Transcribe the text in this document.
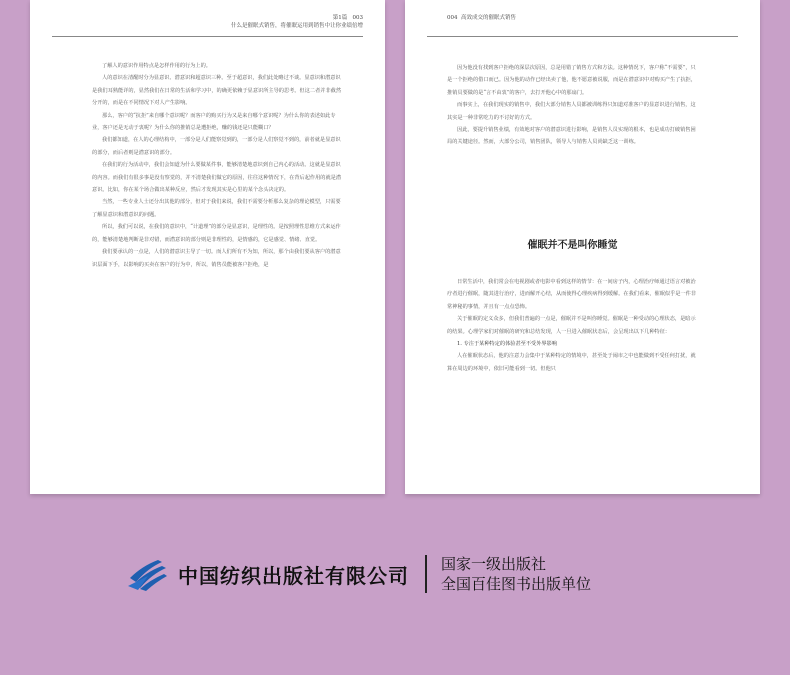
第1篇 003
什么是催眠式销售，将催眠运用到销售中让你业绩倍增

了解人的意识作用特点是怎样作用的行为上的。

人的意识在清醒时分为显意识、潜意识和超意识三种。至于超意识，我们此处略过不谈。显意识和潜意识是我们耳熟能详的，显然我们在日常的生活和学习中，的确更依赖于显意识所主导的思考。但这二者并非截然分开的，而是在不同情况下对人产生影响。

那么，客户的“抗拒”来自哪个意识呢？而客户的购买行为又是来自哪个意识呢？为什么你的表述如此专业，客户还是无动于衷呢？为什么你的推销总是遭拒绝，赚的钱还是只能糊口？

我们都知道，在人的心理结构中，一部分是人们能察觉到的，一部分是人们察觉不到的，前者就是显意识的部分，而后者则是潜意识的部分。

在我们的行为活动中，我们会知道为什么要做某件事，能够清楚地意识到自己内心的活动。这就是显意识的内容。而我们有很多事是没有察觉的，并不清楚我们做它的原因，往往这种情况下，在背后起作用的就是潜意识。比如，你在某个场合做出某种反应，然后才发现其实是心里的某个念头决定的。

当然，一些专业人士还分出其他的部分，但对于我们来说，我们不需要分析那么复杂的理论模型，只需要了解显意识和潜意识的问题。

所以，我们可以说，在我们的意识中，“计道理”的部分是显意识，是理性的。是按照理性思维方式来运作的，能够清楚地判断是非对错，而潜意识的部分则是非理性的，是情感的，它是感觉、情绪、直觉。

我们要承认的一点是，人们的潜意识主导了一切。而人们所有不为知，所以，那个由我们要从客户的潜意识层面下手，以影响的买卖在客户的行为中，所以，销售员能被客户拒绝，是

004 高效成交的催眠式销售

因为他没有找到客户拒绝的深层次原因，总是用错了销售方式和方法。这种情况下，客户称“不需要”，只是一个拒绝的借口而已。因为他的动作已经出卖了他，他不愿意被说服，而是在潜意识中对购买产生了抗拒，推销员要做的是“言不由衷”的客户，去打开他心中的那扇门。

而事实上，在我们现实的销售中，我们大部分销售人员都被训练得只知道对准客户的显意识进行销售，这其实是一种非常吃力的不讨好的方式。

因此，要提升销售业绩，有效地对客户的潜意识进行影响，是销售人员实现的根本，也是成功打破销售困局的关键途径。然而，大部分公司，销售团队，领导人与销售人员尚缺乏这一训练。

催眠并不是叫你睡觉

日常生活中，我们常会在电视剧或者电影中看到这样的情节：在一间房子内，心理治疗师通过语言对被治疗者进行催眠，随其进行治疗，进而解开心结，从而使得心理疾病得到缓解。在我们看来，催眠似乎是一件非常神秘的事情，并且有一点点恐怖。

关于催眠的定义众多，但我们普遍的一点是，催眠并不是叫你睡觉。催眠是一种受动的心理状态，是暗示的结果。心理学家们对催眠的研究和总结发现，人一旦进入催眠状态后，会呈现出以下几种特征：

1. 专注于某种特定的体验甚至不受外界影响

人在催眠状态后，他的注意力会集中于某种特定的情境中，甚至处于闹市之中也能做到不受任何打扰，就算在周边的环境中，依旧可能看到一切。但他只

中国纺织出版社有限公司 国家一级出版社
全国百佳图书出版单位
